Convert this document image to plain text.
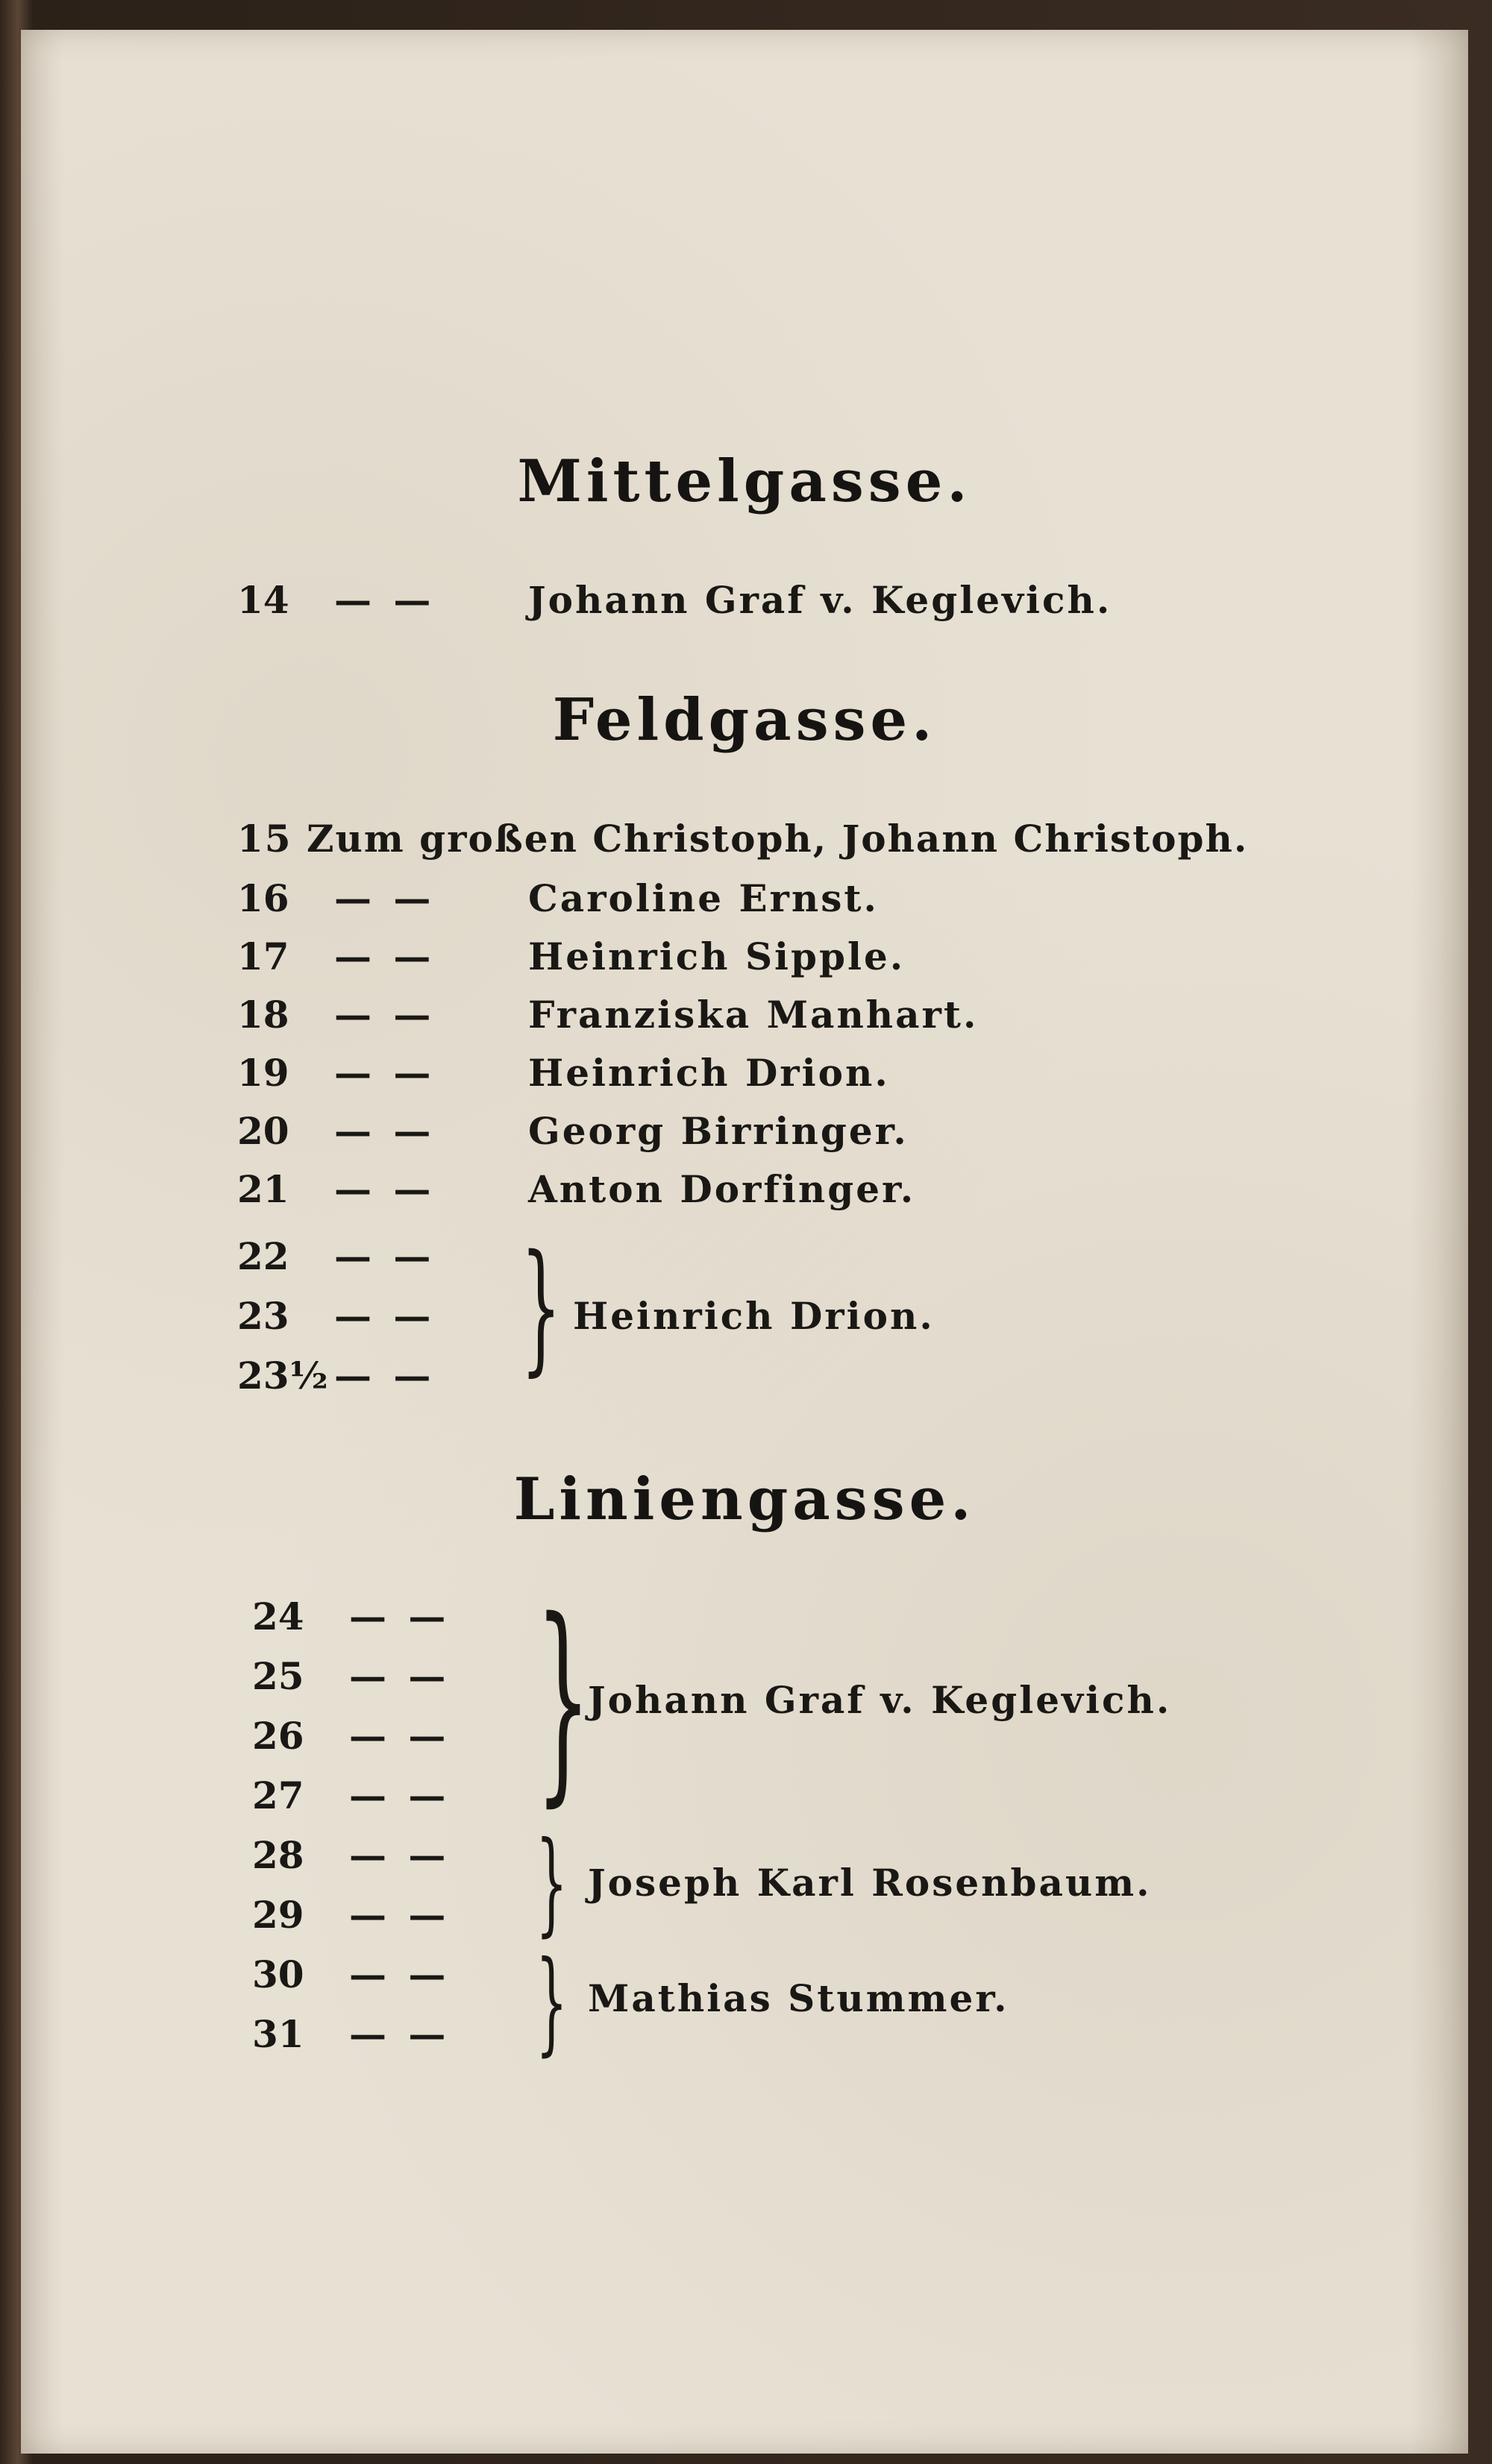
Mittelgasse.
14 — — Johann Graf v. Keglevich.
Feldgasse.
15 Zum großen Christoph, Johann Christoph.
16 — — Caroline Ernst.
17 — — Heinrich Sipple.
18 — — Franziska Manhart.
19 — — Heinrich Drion.
20 — — Georg Birringer.
21 — — Anton Dorfinger.
22 — —
23 — —
23½ — — } Heinrich Drion.
Liniengasse.
24 — —
25 — —
26 — —
27 — —
28 — —
29 — —
30 — —
31 — —
}
Johann Graf v. Keglevich.
} Joseph Karl Rosenbaum.
} Mathias Stummer.
